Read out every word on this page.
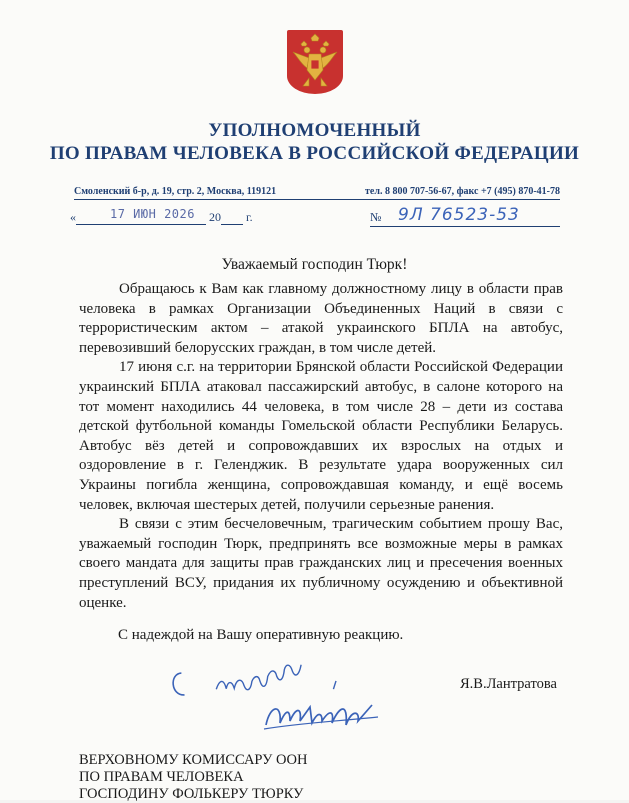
УПОЛНОМОЧЕННЫЙ
ПО ПРАВАМ ЧЕЛОВЕКА В РОССИЙСКОЙ ФЕДЕРАЦИИ
Смоленский б-р, д. 19, стр. 2, Москва, 119121	тел. 8 800 707-56-67, факс +7 (495) 870-41-78
«	20 г.
17 ИЮН 2026	№ 9Л 76523-53
Уважаемый господин Тюрк!

Обращаюсь к Вам как главному должностному лицу в области прав человека в рамках Организации Объединенных Наций в связи с террористическим актом – атакой украинского БПЛА на автобус, перевозивший белорусских граждан, в том числе детей.

17 июня с.г. на территории Брянской области Российской Федерации украинский БПЛА атаковал пассажирский автобус, в салоне которого на тот момент находились 44 человека, в том числе 28 – дети из состава детской футбольной команды Гомельской области Республики Беларусь. Автобус вёз детей и сопровождавших их взрослых на отдых и оздоровление в г. Геленджик. В результате удара вооруженных сил Украины погибла женщина, сопровождавшая команду, и ещё восемь человек, включая шестерых детей, получили серьезные ранения.

В связи с этим бесчеловечным, трагическим событием прошу Вас, уважаемый господин Тюрк, предпринять все возможные меры в рамках своего мандата для защиты прав гражданских лиц и пресечения военных преступлений ВСУ, придания их публичному осуждению и объективной оценке.

С надеждой на Вашу оперативную реакцию.
Я.В.Лантратова
ВЕРХОВНОМУ КОМИССАРУ ООН
ПО ПРАВАМ ЧЕЛОВЕКА
ГОСПОДИНУ ФОЛЬКЕРУ ТЮРКУ
